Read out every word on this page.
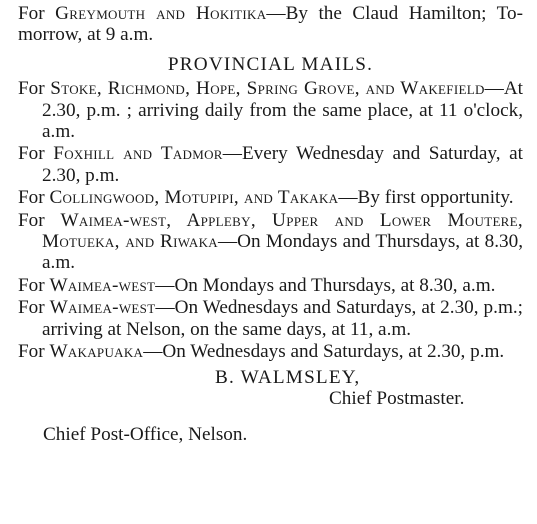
For Greymouth and Hokitika—By the Claud Hamilton; To-morrow, at 9 a.m.

PROVINCIAL MAILS.

For Stoke, Richmond, Hope, Spring Grove, and Wakefield—At 2.30, p.m. ; arriving daily from the same place, at 11 o'clock, a.m.

For Foxhill and Tadmor—Every Wednesday and Saturday, at 2.30, p.m.

For Collingwood, Motupipi, and Takaka—By first opportunity.

For Waimea-west, Appleby, Upper and Lower Moutere, Motueka, and Riwaka—On Mondays and Thursdays, at 8.30, a.m.

For Waimea-west—On Mondays and Thursdays, at 8.30, a.m.

For Waimea-west—On Wednesdays and Saturdays, at 2.30, p.m.; arriving at Nelson, on the same days, at 11, a.m.

For Wakapuaka—On Wednesdays and Saturdays, at 2.30, p.m.

B. WALMSLEY,
Chief Postmaster.
Chief Post-Office, Nelson.
